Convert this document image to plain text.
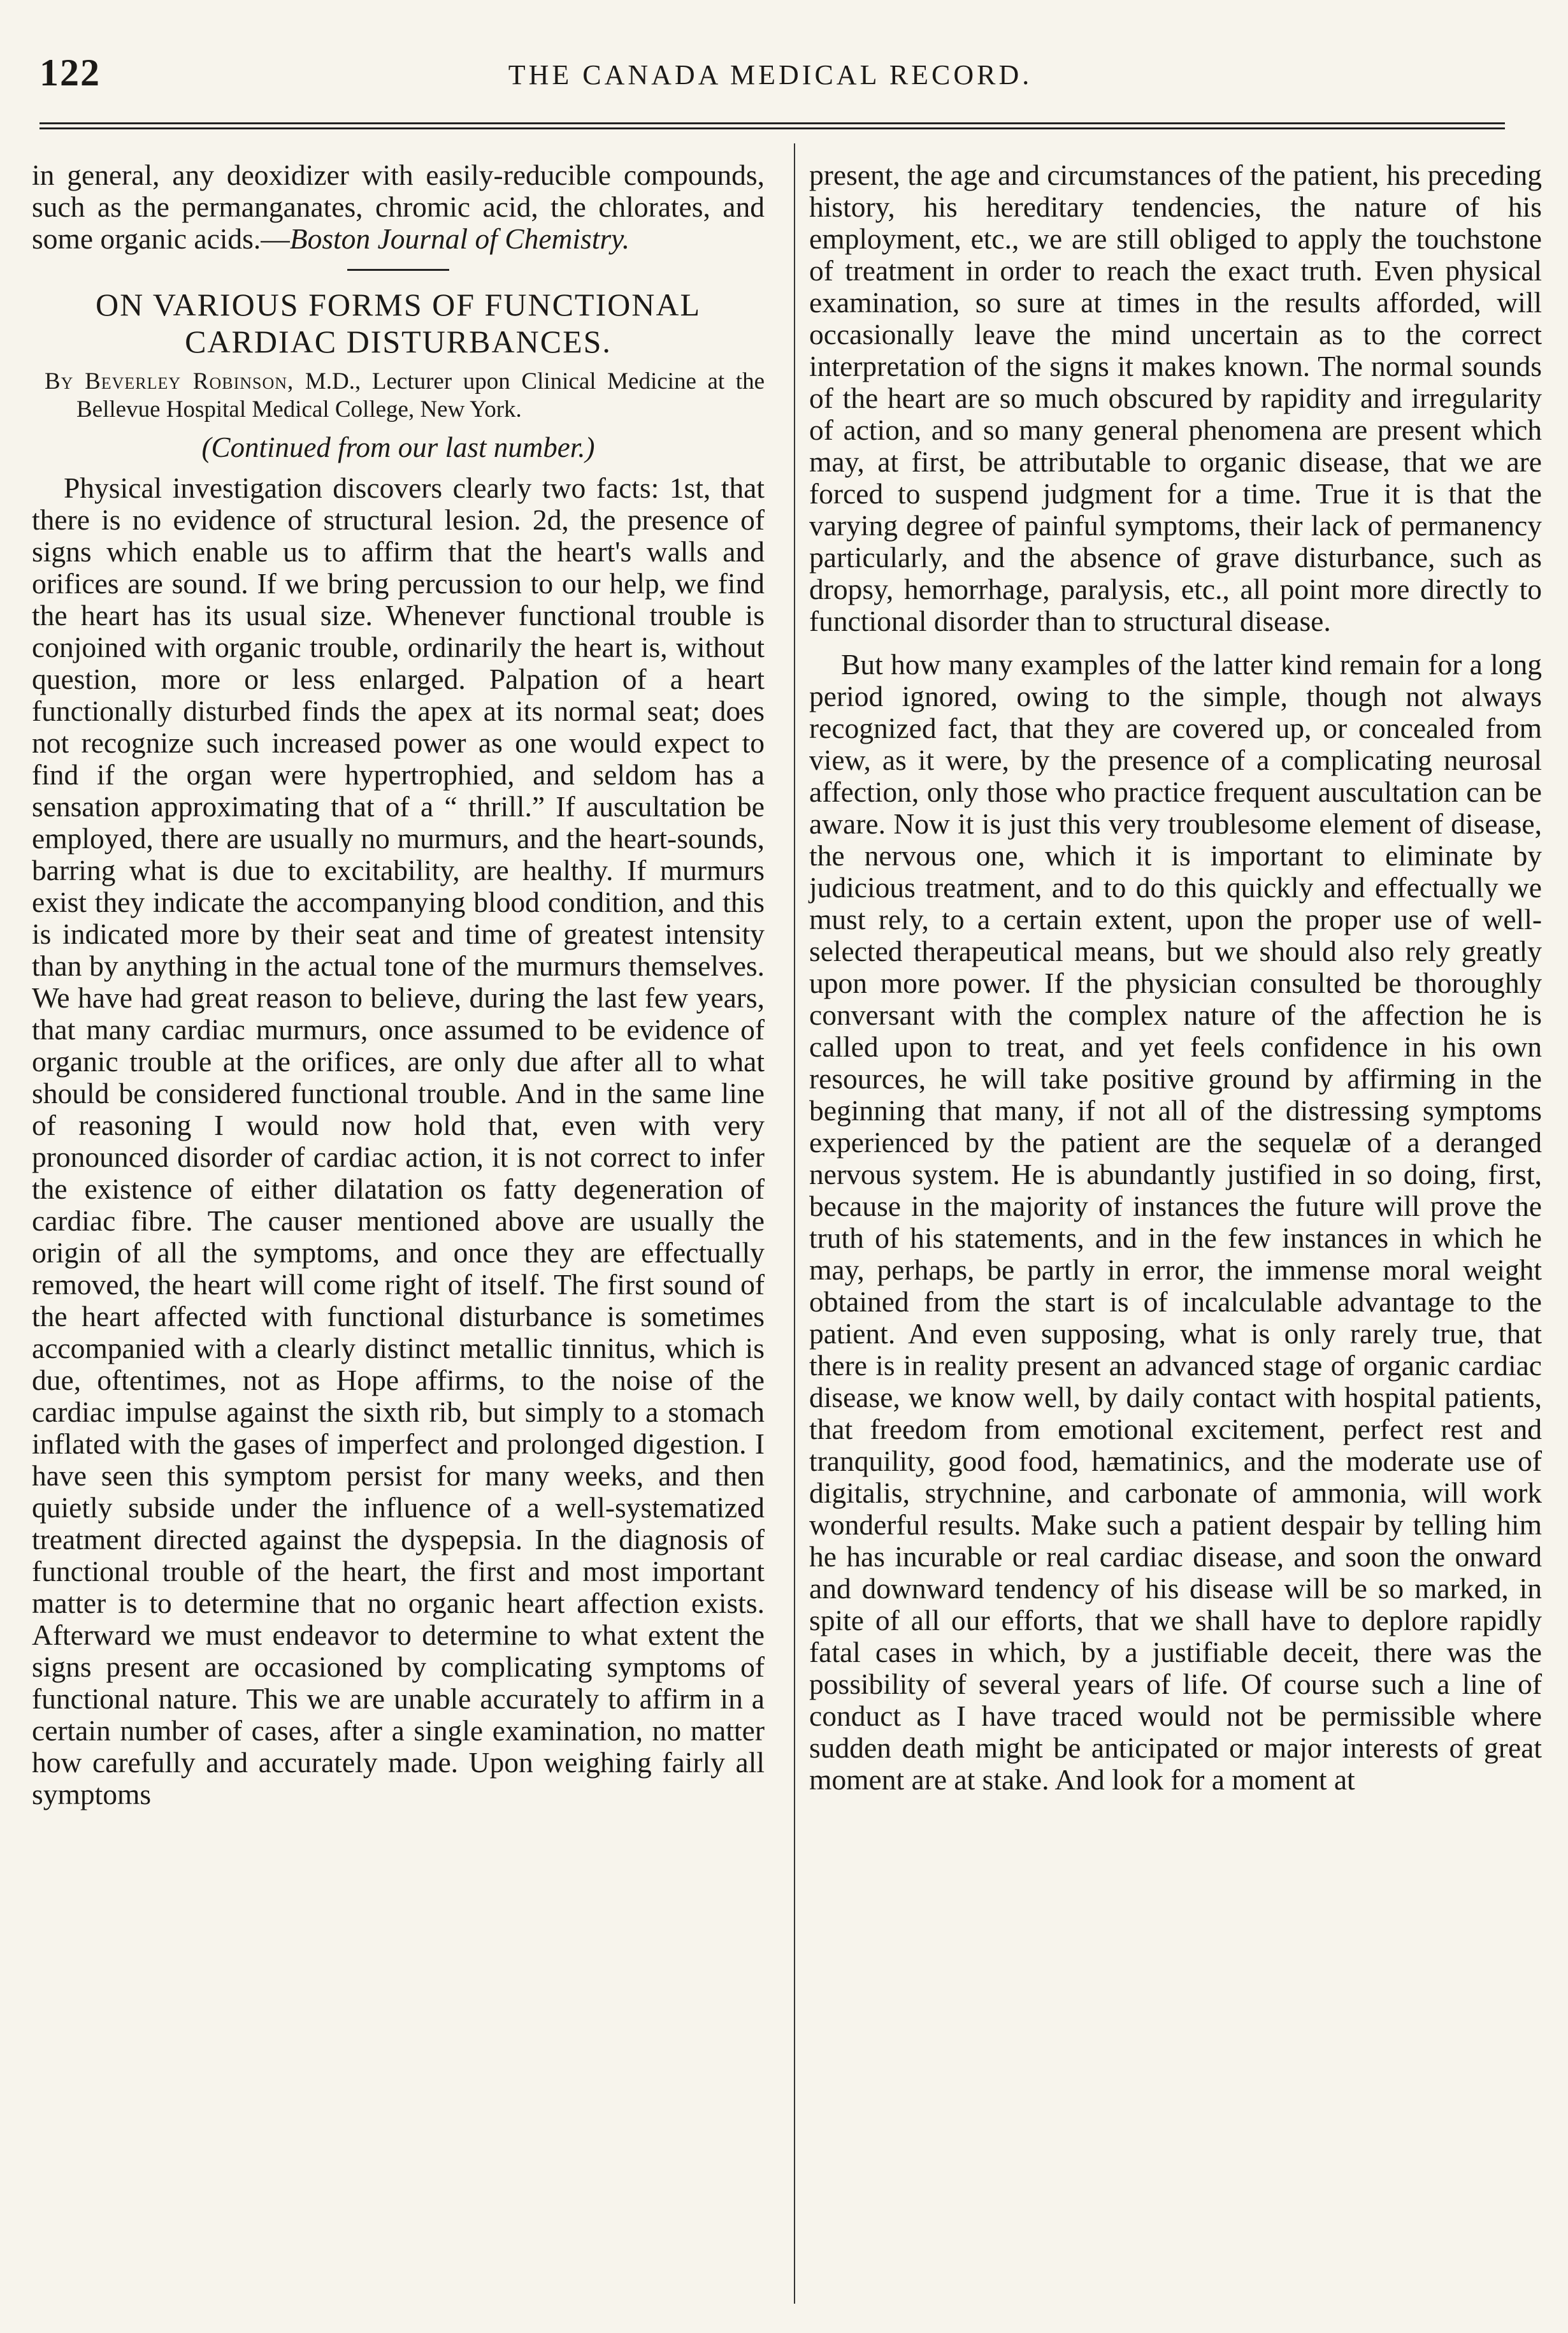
122	THE CANADA MEDICAL RECORD.

in general, any deoxidizer with easily-reducible compounds, such as the permanganates, chromic acid, the chlorates, and some organic acids.—Boston Journal of Chemistry.

ON VARIOUS FORMS OF FUNCTIONAL CARDIAC DISTURBANCES.
By Beverley Robinson, M.D., Lecturer upon Clinical Medicine at the Bellevue Hospital Medical College, New York.
(Continued from our last number.)

Physical investigation discovers clearly two facts: 1st, that there is no evidence of structural lesion. 2d, the presence of signs which enable us to affirm that the heart's walls and orifices are sound. If we bring percussion to our help, we find the heart has its usual size. Whenever functional trouble is conjoined with organic trouble, ordinarily the heart is, without question, more or less enlarged. Palpation of a heart functionally disturbed finds the apex at its normal seat; does not recognize such increased power as one would expect to find if the organ were hypertrophied, and seldom has a sensation approximating that of a “ thrill.” If auscultation be employed, there are usually no murmurs, and the heart-sounds, barring what is due to excitability, are healthy. If murmurs exist they indicate the accompanying blood condition, and this is indicated more by their seat and time of greatest intensity than by anything in the actual tone of the murmurs themselves. We have had great reason to believe, during the last few years, that many cardiac murmurs, once assumed to be evidence of organic trouble at the orifices, are only due after all to what should be considered functional trouble. And in the same line of reasoning I would now hold that, even with very pronounced disorder of cardiac action, it is not correct to infer the existence of either dilatation os fatty degeneration of cardiac fibre. The causer mentioned above are usually the origin of all the symptoms, and once they are effectually removed, the heart will come right of itself. The first sound of the heart affected with functional disturbance is sometimes accompanied with a clearly distinct metallic tinnitus, which is due, oftentimes, not as Hope affirms, to the noise of the cardiac impulse against the sixth rib, but simply to a stomach inflated with the gases of imperfect and prolonged digestion. I have seen this symptom persist for many weeks, and then quietly subside under the influence of a well-systematized treatment directed against the dyspepsia. In the diagnosis of functional trouble of the heart, the first and most important matter is to determine that no organic heart affection exists. Afterward we must endeavor to determine to what extent the signs present are occasioned by complicating symptoms of functional nature. This we are unable accurately to affirm in a certain number of cases, after a single examination, no matter how carefully and accurately made. Upon weighing fairly all symptoms

present, the age and circumstances of the patient, his preceding history, his hereditary tendencies, the nature of his employment, etc., we are still obliged to apply the touchstone of treatment in order to reach the exact truth. Even physical examination, so sure at times in the results afforded, will occasionally leave the mind uncertain as to the correct interpretation of the signs it makes known. The normal sounds of the heart are so much obscured by rapidity and irregularity of action, and so many general phenomena are present which may, at first, be attributable to organic disease, that we are forced to suspend judgment for a time. True it is that the varying degree of painful symptoms, their lack of permanency particularly, and the absence of grave disturbance, such as dropsy, hemorrhage, paralysis, etc., all point more directly to functional disorder than to structural disease.

But how many examples of the latter kind remain for a long period ignored, owing to the simple, though not always recognized fact, that they are covered up, or concealed from view, as it were, by the presence of a complicating neurosal affection, only those who practice frequent auscultation can be aware. Now it is just this very troublesome element of disease, the nervous one, which it is important to eliminate by judicious treatment, and to do this quickly and effectually we must rely, to a certain extent, upon the proper use of well-selected therapeutical means, but we should also rely greatly upon more power. If the physician consulted be thoroughly conversant with the complex nature of the affection he is called upon to treat, and yet feels confidence in his own resources, he will take positive ground by affirming in the beginning that many, if not all of the distressing symptoms experienced by the patient are the sequelæ of a deranged nervous system. He is abundantly justified in so doing, first, because in the majority of instances the future will prove the truth of his statements, and in the few instances in which he may, perhaps, be partly in error, the immense moral weight obtained from the start is of incalculable advantage to the patient. And even supposing, what is only rarely true, that there is in reality present an advanced stage of organic cardiac disease, we know well, by daily contact with hospital patients, that freedom from emotional excitement, perfect rest and tranquility, good food, hæmatinics, and the moderate use of digitalis, strychnine, and carbonate of ammonia, will work wonderful results. Make such a patient despair by telling him he has incurable or real cardiac disease, and soon the onward and downward tendency of his disease will be so marked, in spite of all our efforts, that we shall have to deplore rapidly fatal cases in which, by a justifiable deceit, there was the possibility of several years of life. Of course such a line of conduct as I have traced would not be permissible where sudden death might be anticipated or major interests of great moment are at stake. And look for a moment at
